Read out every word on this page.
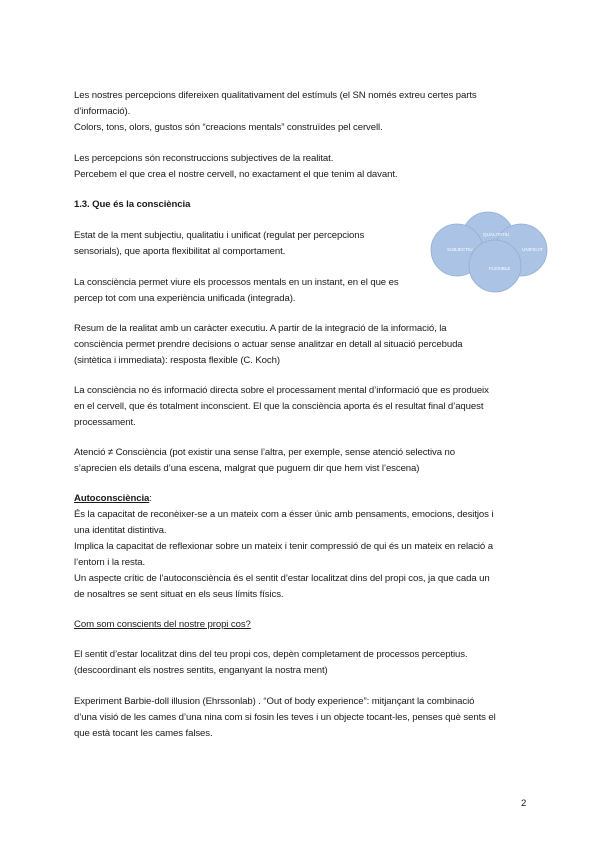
Les nostres percepcions difereixen qualitativament del estímuls (el SN només extreu certes parts
d’informació).
Colors, tons, olors, gustos són “creacions mentals” construïdes pel cervell.
Les percepcions són reconstruccions subjectives de la realitat.
Percebem el que crea el nostre cervell, no exactament el que tenim al davant.
1.3. Que és la consciència
Estat de la ment subjectiu, qualitatiu i unificat (regulat per percepcions
sensorials), que aporta flexibilitat al comportament.
QUALITATIU
SUBJECTIU	UNIFICAT
FLEXIBLE
La consciència permet viure els processos mentals en un instant, en el que es
percep tot com una experiència unificada (integrada).
Resum de la realitat amb un caràcter executiu. A partir de la integració de la informació, la
consciència permet prendre decisions o actuar sense analitzar en detall al situació percebuda
(sintètica i immediata): resposta flexible (C. Koch)
La consciència no és informació directa sobre el processament mental d’informació que es produeix
en el cervell, que és totalment inconscient. El que la consciència aporta és el resultat final d’aquest
processament.
Atenció ≠ Consciència (pot existir una sense l’altra, per exemple, sense atenció selectiva no
s’aprecien els details d’una escena, malgrat que puguem dir que hem vist l’escena)
Autoconsciència:
És la capacitat de reconèixer-se a un mateix com a ésser únic amb pensaments, emocions, desitjos i
una identitat distintiva.
Implica la capacitat de reflexionar sobre un mateix i tenir compressió de qui és un mateix en relació a
l’entorn i la resta.
Un aspecte crític de l’autoconsciència és el sentit d’estar localitzat dins del propi cos, ja que cada un
de nosaltres se sent situat en els seus límits físics.
Com som conscients del nostre propi cos?
El sentit d’estar localitzat dins del teu propi cos, depèn completament de processos perceptius.
(descoordinant els nostres sentits, enganyant la nostra ment)
Experiment Barbie-doll illusion (Ehrssonlab) . “Out of body experience”: mitjançant la combinació
d’una visió de les cames d’una nina com si fosin les teves i un objecte tocant-les, penses què sents el
que està tocant les cames falses.
2
